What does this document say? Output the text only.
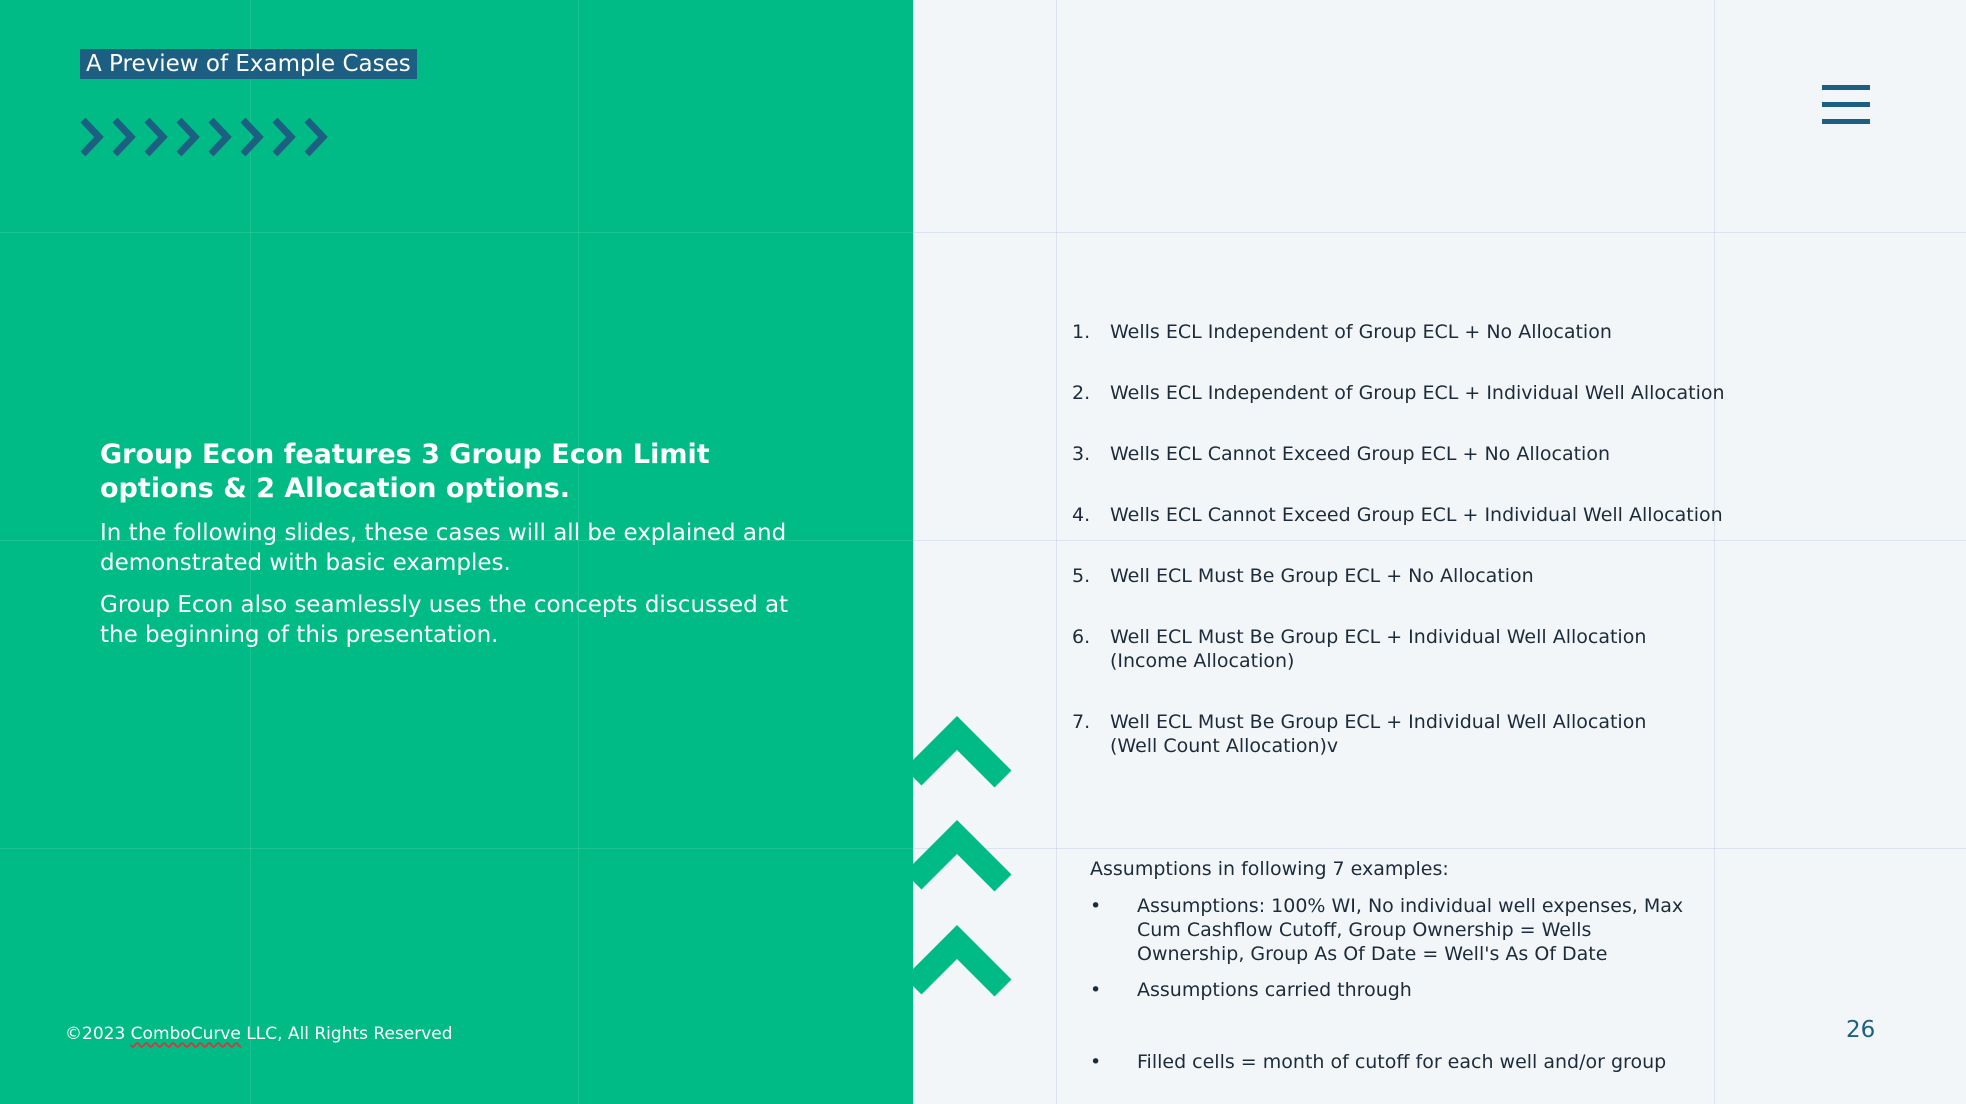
A Preview of Example Cases
Group Econ features 3 Group Econ Limit options & 2 Allocation options.

In the following slides, these cases will all be explained and demonstrated with basic examples.

Group Econ also seamlessly uses the concepts discussed at the beginning of this presentation.

©2023 ComboCurve LLC, All Rights Reserved
1. Wells ECL Independent of Group ECL + No Allocation
2. Wells ECL Independent of Group ECL + Individual Well Allocation
3. Wells ECL Cannot Exceed Group ECL + No Allocation
4. Wells ECL Cannot Exceed Group ECL + Individual Well Allocation
5. Well ECL Must Be Group ECL + No Allocation
6. Well ECL Must Be Group ECL + Individual Well Allocation
(Income Allocation)
7. Well ECL Must Be Group ECL + Individual Well Allocation
(Well Count Allocation)v

Assumptions in following 7 examples:

• Assumptions: 100% WI, No individual well expenses, Max
Cum Cashflow Cutoff, Group Ownership = Wells
Ownership, Group As Of Date = Well's As Of Date
• Assumptions carried through
• Filled cells = month of cutoff for each well and/or group
26
